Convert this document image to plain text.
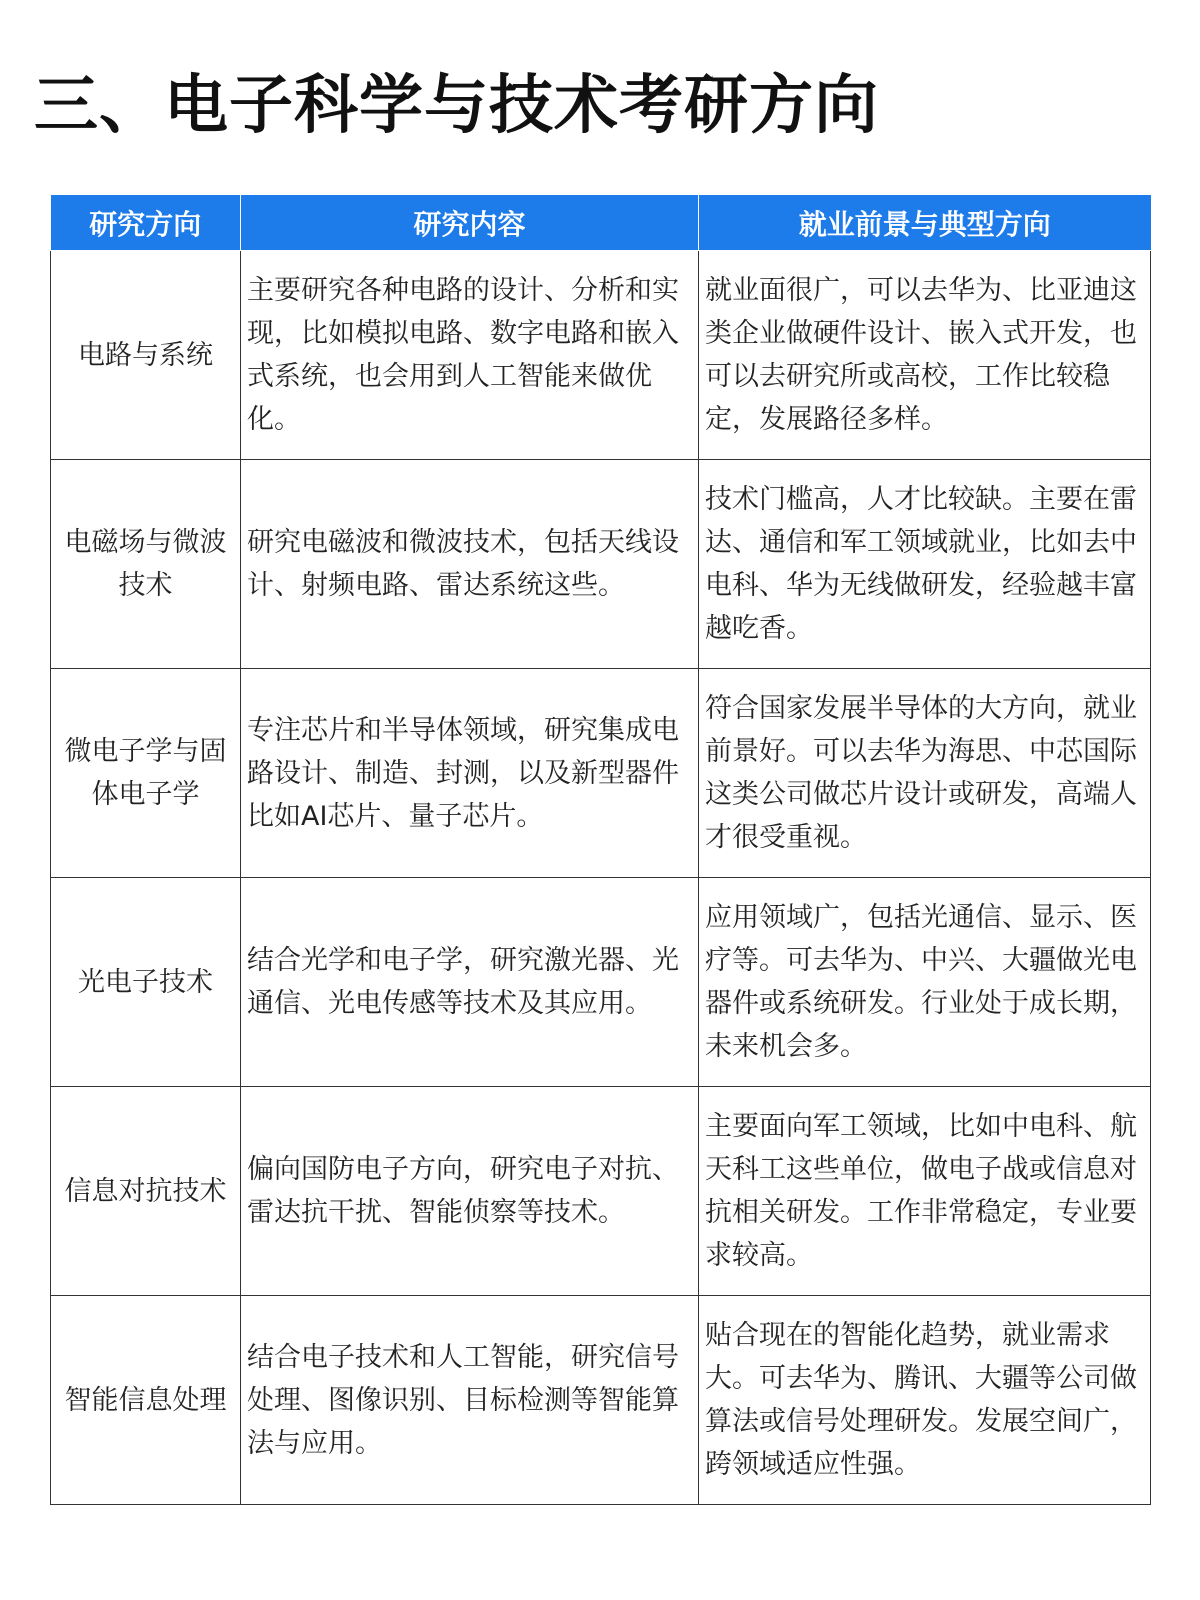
三、电子科学与技术考研方向
研究方向	研究内容	就业前景与典型方向
电路与系统	主要研究各种电路的设计、分析和实现，比如模拟电路、数字电路和嵌入式系统，也会用到人工智能来做优化。	就业面很广，可以去华为、比亚迪这类企业做硬件设计、嵌入式开发，也可以去研究所或高校，工作比较稳定，发展路径多样。
电磁场与微波技术	研究电磁波和微波技术，包括天线设计、射频电路、雷达系统这些。	技术门槛高，人才比较缺。主要在雷达、通信和军工领域就业，比如去中电科、华为无线做研发，经验越丰富越吃香。
微电子学与固体电子学	专注芯片和半导体领域，研究集成电路设计、制造、封测，以及新型器件比如AI芯片、量子芯片。	符合国家发展半导体的大方向，就业前景好。可以去华为海思、中芯国际这类公司做芯片设计或研发，高端人才很受重视。
光电子技术	结合光学和电子学，研究激光器、光通信、光电传感等技术及其应用。	应用领域广，包括光通信、显示、医疗等。可去华为、中兴、大疆做光电器件或系统研发。行业处于成长期，未来机会多。
信息对抗技术	偏向国防电子方向，研究电子对抗、雷达抗干扰、智能侦察等技术。	主要面向军工领域，比如中电科、航天科工这些单位，做电子战或信息对抗相关研发。工作非常稳定，专业要求较高。
智能信息处理	结合电子技术和人工智能，研究信号处理、图像识别、目标检测等智能算法与应用。	贴合现在的智能化趋势，就业需求大。可去华为、腾讯、大疆等公司做算法或信号处理研发。发展空间广，跨领域适应性强。
